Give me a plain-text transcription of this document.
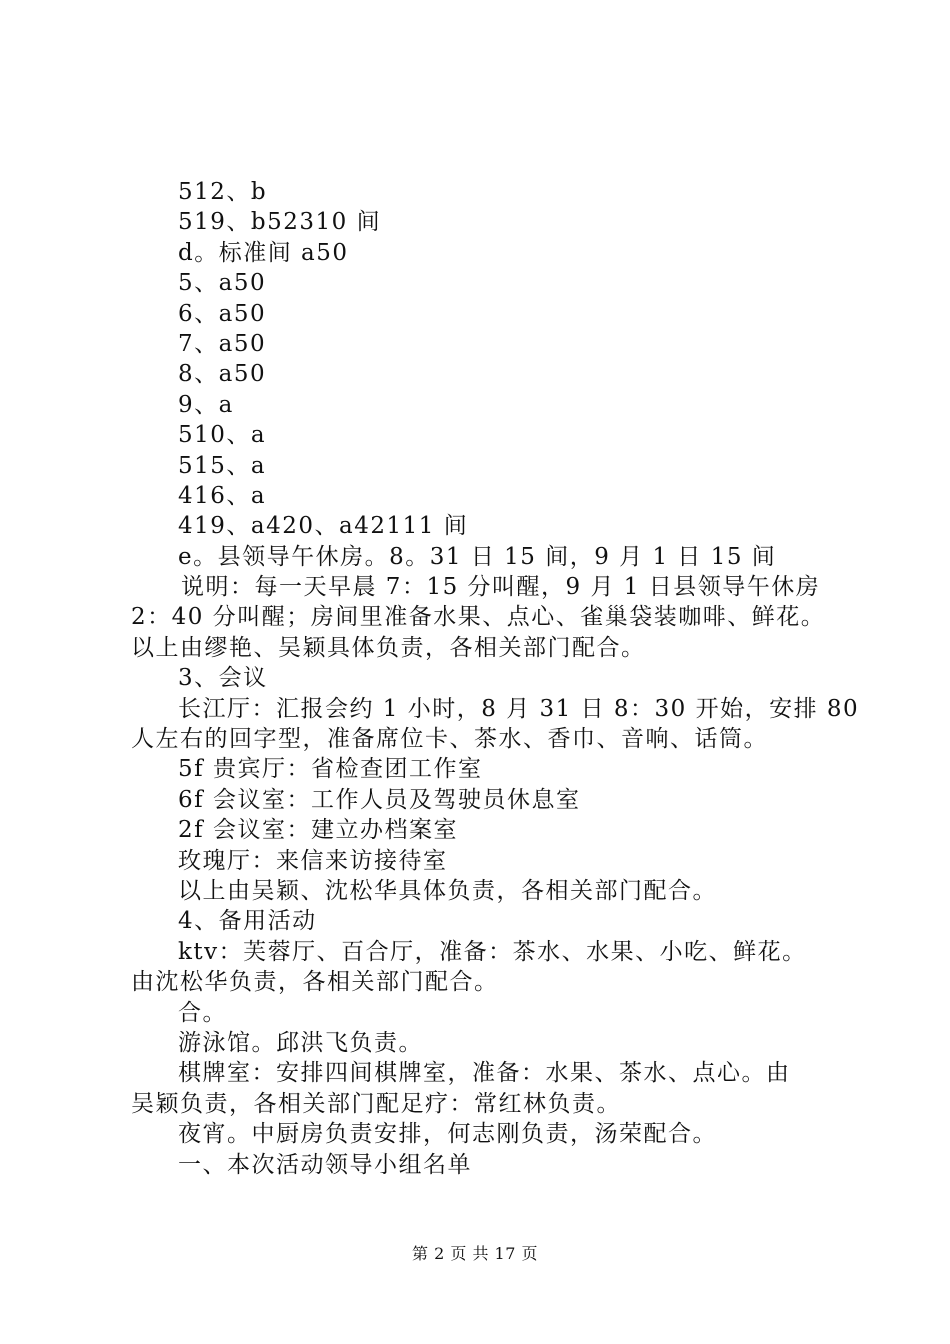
512、b
519、b52310 间
d。标准间 a50
5、a50
6、a50
7、a50
8、a50
9、a
510、a
515、a
416、a
419、a420、a42111 间
e。县领导午休房。8。31 日 15 间，9 月 1 日 15 间
说明：每一天早晨 7：15 分叫醒，9 月 1 日县领导午休房
2：40 分叫醒；房间里准备水果、点心、雀巢袋装咖啡、鲜花。
以上由缪艳、吴颖具体负责，各相关部门配合。
3、会议
长江厅：汇报会约 1 小时，8 月 31 日 8：30 开始，安排 80
人左右的回字型，准备席位卡、茶水、香巾、音响、话筒。
5f 贵宾厅：省检查团工作室
6f 会议室：工作人员及驾驶员休息室
2f 会议室：建立办档案室
玫瑰厅：来信来访接待室
以上由吴颖、沈松华具体负责，各相关部门配合。
4、备用活动
ktv：芙蓉厅、百合厅，准备：茶水、水果、小吃、鲜花。
由沈松华负责，各相关部门配合。
合。
游泳馆。邱洪飞负责。
棋牌室：安排四间棋牌室，准备：水果、茶水、点心。由
吴颖负责，各相关部门配足疗：常红林负责。
夜宵。中厨房负责安排，何志刚负责，汤荣配合。
一、本次活动领导小组名单
第 2 页 共 17 页
